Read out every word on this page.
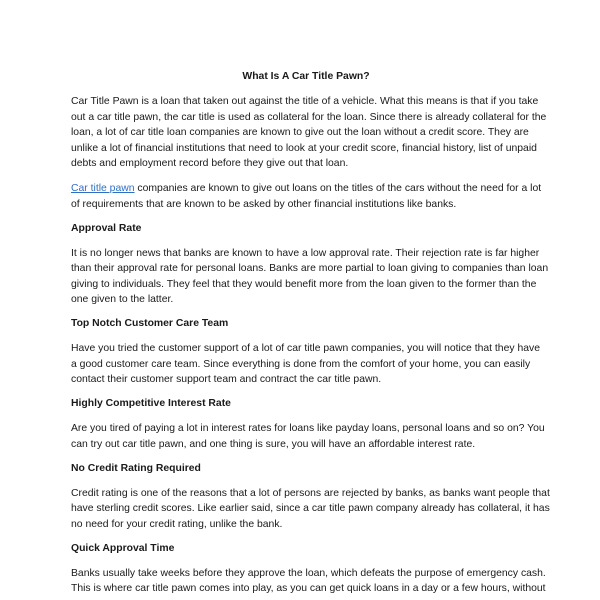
What Is A Car Title Pawn?
Car Title Pawn is a loan that taken out against the title of a vehicle. What this means is that if you take
out a car title pawn, the car title is used as collateral for the loan. Since there is already collateral for the
loan, a lot of car title loan companies are known to give out the loan without a credit score. They are
unlike a lot of financial institutions that need to look at your credit score, financial history, list of unpaid
debts and employment record before they give out that loan.
Car title pawn companies are known to give out loans on the titles of the cars without the need for a lot
of requirements that are known to be asked by other financial institutions like banks.
Approval Rate
It is no longer news that banks are known to have a low approval rate. Their rejection rate is far higher
than their approval rate for personal loans. Banks are more partial to loan giving to companies than loan
giving to individuals. They feel that they would benefit more from the loan given to the former than the
one given to the latter.
Top Notch Customer Care Team
Have you tried the customer support of a lot of car title pawn companies, you will notice that they have
a good customer care team. Since everything is done from the comfort of your home, you can easily
contact their customer support team and contract the car title pawn.
Highly Competitive Interest Rate
Are you tired of paying a lot in interest rates for loans like payday loans, personal loans and so on? You
can try out car title pawn, and one thing is sure, you will have an affordable interest rate.
No Credit Rating Required
Credit rating is one of the reasons that a lot of persons are rejected by banks, as banks want people that
have sterling credit scores. Like earlier said, since a car title pawn company already has collateral, it has
no need for your credit rating, unlike the bank.
Quick Approval Time
Banks usually take weeks before they approve the loan, which defeats the purpose of emergency cash.
This is where car title pawn comes into play, as you can get quick loans in a day or a few hours, without
